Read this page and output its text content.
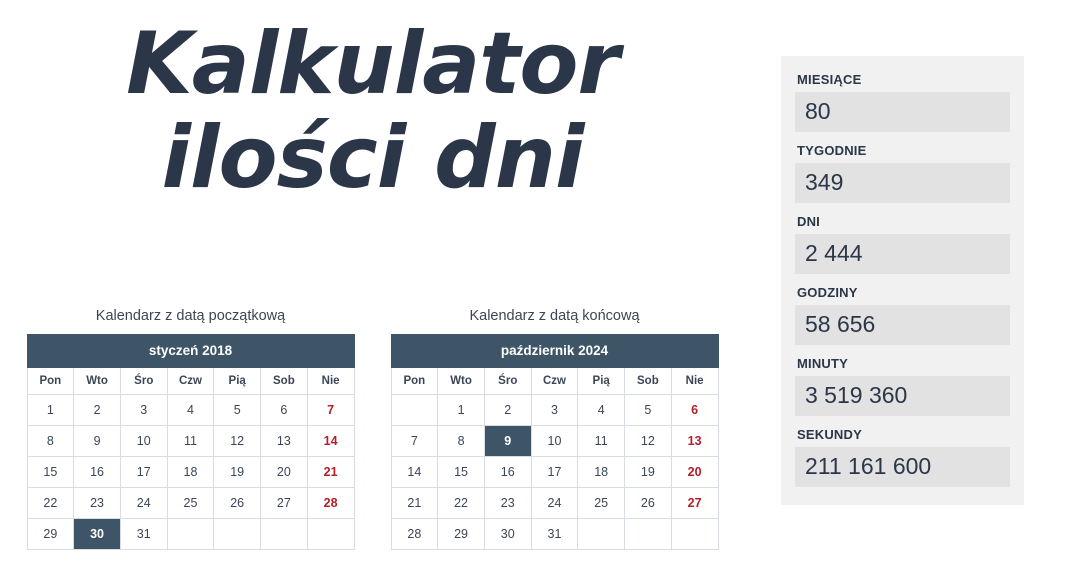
Kalkulator
ilości dni
Kalendarz z datą początkową
styczeń 2018						
Pon	Wto	Śro	Czw	Pią	Sob	Nie
1	2	3	4	5	6	7
8	9	10	11	12	13	14
15	16	17	18	19	20	21
22	23	24	25	26	27	28
29	30	31				
Kalendarz z datą końcową
październik 2024						
Pon	Wto	Śro	Czw	Pią	Sob	Nie
	1	2	3	4	5	6
7	8	9	10	11	12	13
14	15	16	17	18	19	20
21	22	23	24	25	26	27
28	29	30	31			
MIESIĄCE
80
TYGODNIE
349
DNI
2 444
GODZINY
58 656
MINUTY
3 519 360
SEKUNDY
211 161 600
